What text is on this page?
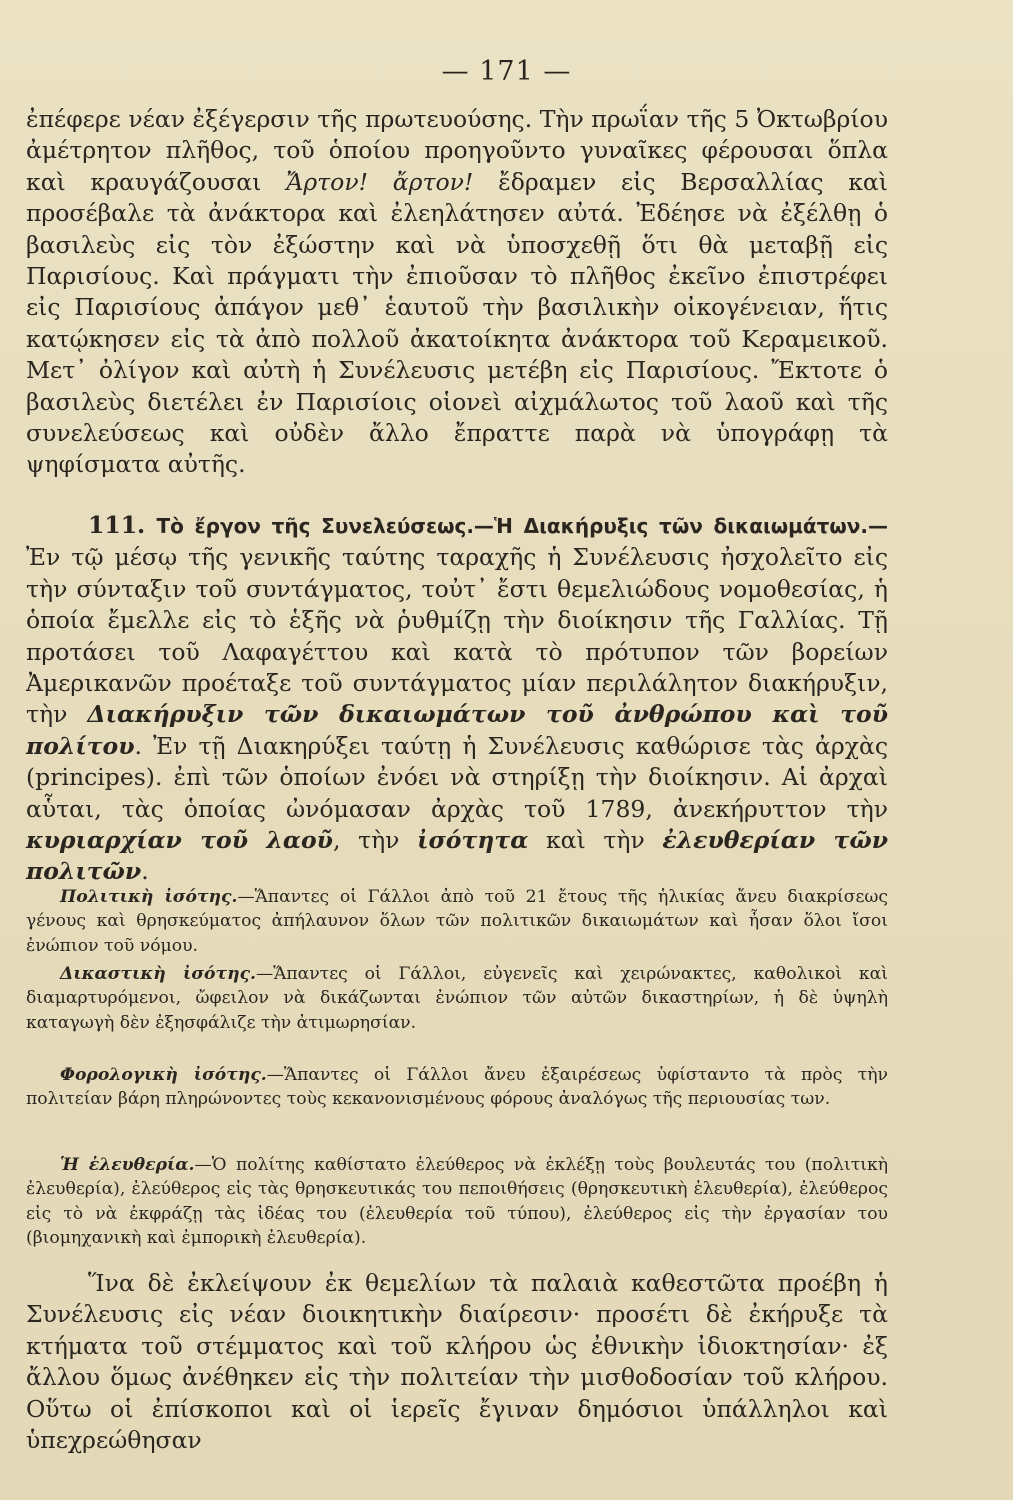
— 171 —

ἐπέφερε νέαν ἐξέγερσιν τῆς πρωτευούσης. Τὴν πρωΐαν τῆς 5 Ὀκτωβρίου ἀμέτρητον πλῆθος, τοῦ ὁποίου προηγοῦντο γυναῖκες φέρουσαι ὅπλα καὶ κραυγάζουσαι Ἄρτον! ἄρτον! ἔδραμεν εἰς Βερσαλλίας καὶ προσέβαλε τὰ ἀνάκτορα καὶ ἐλεηλάτησεν αὐτά. Ἐδέησε νὰ ἐξέλθῃ ὁ βασιλεὺς εἰς τὸν ἐξώστην καὶ νὰ ὑποσχεθῇ ὅτι θὰ μεταβῇ εἰς Παρισίους. Καὶ πράγματι τὴν ἐπιοῦσαν τὸ πλῆθος ἐκεῖνο ἐπιστρέφει εἰς Παρισίους ἀπάγον μεθ᾿ ἑαυτοῦ τὴν βασιλικὴν οἰκογένειαν, ἥτις κατῴκησεν εἰς τὰ ἀπὸ πολλοῦ ἀκατοίκητα ἀνάκτορα τοῦ Κεραμεικοῦ. Μετ᾿ ὀλίγον καὶ αὐτὴ ἡ Συνέλευσις μετέβη εἰς Παρισίους. Ἔκτοτε ὁ βασιλεὺς διετέλει ἐν Παρισίοις οἱονεὶ αἰχμάλωτος τοῦ λαοῦ καὶ τῆς συνελεύσεως καὶ οὐδὲν ἄλλο ἔπραττε παρὰ νὰ ὑπογράφῃ τὰ ψηφίσματα αὐτῆς.

111. Τὸ ἔργον τῆς Συνελεύσεως.—Ἡ Διακήρυξις τῶν δικαιωμάτων.— Ἐν τῷ μέσῳ τῆς γενικῆς ταύτης ταραχῆς ἡ Συνέλευσις ἠσχολεῖτο εἰς τὴν σύνταξιν τοῦ συντάγματος, τοὐτ᾿ ἔστι θεμελιώδους νομοθεσίας, ἡ ὁποία ἔμελλε εἰς τὸ ἑξῆς νὰ ῥυθμίζῃ τὴν διοίκησιν τῆς Γαλλίας. Τῇ προτάσει τοῦ Λαφαγέττου καὶ κατὰ τὸ πρότυπον τῶν βορείων Ἀμερικανῶν προέταξε τοῦ συντάγματος μίαν περιλάλητον διακήρυξιν, τὴν Διακήρυξιν τῶν δικαιωμάτων τοῦ ἀνθρώπου καὶ τοῦ πολίτου. Ἐν τῇ Διακηρύξει ταύτῃ ἡ Συνέλευσις καθώρισε τὰς ἀρχὰς (principes). ἐπὶ τῶν ὁποίων ἐνόει νὰ στηρίξῃ τὴν διοίκησιν. Αἱ ἀρχαὶ αὗται, τὰς ὁποίας ὠνόμασαν ἀρχὰς τοῦ 1789, ἀνεκήρυττον τὴν κυριαρχίαν τοῦ λαοῦ, τὴν ἰσότητα καὶ τὴν ἐλευθερίαν τῶν πολιτῶν.

Πολιτικὴ ἰσότης.—Ἅπαντες οἱ Γάλλοι ἀπὸ τοῦ 21 ἔτους τῆς ἡλικίας ἄνευ διακρίσεως γένους καὶ θρησκεύματος ἀπήλαυνον ὅλων τῶν πολιτικῶν δικαιωμάτων καὶ ἦσαν ὅλοι ἴσοι ἐνώπιον τοῦ νόμου.

Δικαστικὴ ἰσότης.—Ἅπαντες οἱ Γάλλοι, εὐγενεῖς καὶ χειρώνακτες, καθολικοὶ καὶ διαμαρτυρόμενοι, ὤφειλον νὰ δικάζωνται ἐνώπιον τῶν αὐτῶν δικαστηρίων, ἡ δὲ ὑψηλὴ καταγωγὴ δὲν ἐξησφάλιζε τὴν ἀτιμωρησίαν.

Φορολογικὴ ἰσότης.—Ἅπαντες οἱ Γάλλοι ἄνευ ἐξαιρέσεως ὑφίσταντο τὰ πρὸς τὴν πολιτείαν βάρη πληρώνοντες τοὺς κεκανονισμένους φόρους ἀναλόγως τῆς περιουσίας των.

Ἡ ἐλευθερία.—Ὁ πολίτης καθίστατο ἐλεύθερος νὰ ἐκλέξῃ τοὺς βουλευτάς του (πολιτικὴ ἐλευθερία), ἐλεύθερος εἰς τὰς θρησκευτικάς του πεποιθήσεις (θρησκευτικὴ ἐλευθερία), ἐλεύθερος εἰς τὸ νὰ ἐκφράζῃ τὰς ἰδέας του (ἐλευθερία τοῦ τύπου), ἐλεύθερος εἰς τὴν ἐργασίαν του (βιομηχανικὴ καὶ ἐμπορικὴ ἐλευθερία).

Ἵνα δὲ ἐκλείψουν ἐκ θεμελίων τὰ παλαιὰ καθεστῶτα προέβη ἡ Συνέλευσις εἰς νέαν διοικητικὴν διαίρεσιν· προσέτι δὲ ἐκήρυξε τὰ κτήματα τοῦ στέμματος καὶ τοῦ κλήρου ὡς ἐθνικὴν ἰδιοκτησίαν· ἐξ ἄλλου ὅμως ἀνέθηκεν εἰς τὴν πολιτείαν τὴν μισθοδοσίαν τοῦ κλήρου. Οὕτω οἱ ἐπίσκοποι καὶ οἱ ἱερεῖς ἔγιναν δημόσιοι ὑπάλληλοι καὶ ὑπεχρεώθησαν
